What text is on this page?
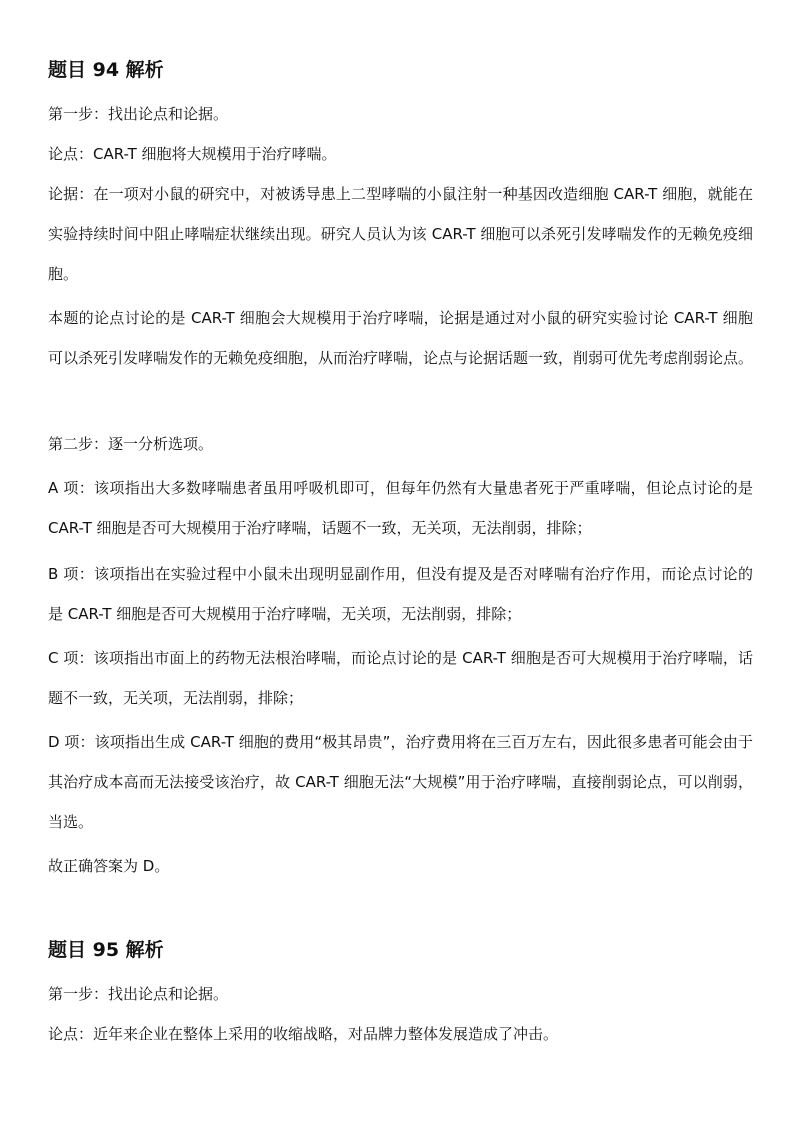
题目 94 解析
第一步：找出论点和论据。
论点：CAR-T 细胞将大规模用于治疗哮喘。
论据：在一项对小鼠的研究中，对被诱导患上二型哮喘的小鼠注射一种基因改造细胞 CAR-T 细胞，就能在实验持续时间中阻止哮喘症状继续出现。研究人员认为该 CAR-T 细胞可以杀死引发哮喘发作的无赖免疫细胞。
本题的论点讨论的是 CAR-T 细胞会大规模用于治疗哮喘，论据是通过对小鼠的研究实验讨论 CAR-T 细胞可以杀死引发哮喘发作的无赖免疫细胞，从而治疗哮喘，论点与论据话题一致，削弱可优先考虑削弱论点。
第二步：逐一分析选项。
A 项：该项指出大多数哮喘患者虽用呼吸机即可，但每年仍然有大量患者死于严重哮喘，但论点讨论的是 CAR-T 细胞是否可大规模用于治疗哮喘，话题不一致，无关项，无法削弱，排除；
B 项：该项指出在实验过程中小鼠未出现明显副作用，但没有提及是否对哮喘有治疗作用，而论点讨论的是 CAR-T 细胞是否可大规模用于治疗哮喘，无关项，无法削弱，排除；
C 项：该项指出市面上的药物无法根治哮喘，而论点讨论的是 CAR-T 细胞是否可大规模用于治疗哮喘，话题不一致，无关项，无法削弱，排除；
D 项：该项指出生成 CAR-T 细胞的费用“极其昂贵”，治疗费用将在三百万左右，因此很多患者可能会由于其治疗成本高而无法接受该治疗，故 CAR-T 细胞无法“大规模”用于治疗哮喘，直接削弱论点，可以削弱，当选。
故正确答案为 D。
题目 95 解析
第一步：找出论点和论据。
论点：近年来企业在整体上采用的收缩战略，对品牌力整体发展造成了冲击。
